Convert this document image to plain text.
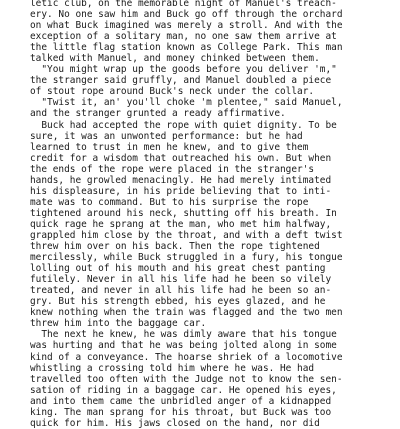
letic club, on the memorable night of Manuel's treach-
ery. No one saw him and Buck go off through the orchard
on what Buck imagined was merely a stroll. And with the
exception of a solitary man, no one saw them arrive at
the little flag station known as College Park. This man
talked with Manuel, and money chinked between them.
"You might wrap up the goods before you deliver 'm,"
the stranger said gruffly, and Manuel doubled a piece
of stout rope around Buck's neck under the collar.
"Twist it, an' you'll choke 'm plentee," said Manuel,
and the stranger grunted a ready affirmative.
Buck had accepted the rope with quiet dignity. To be
sure, it was an unwonted performance: but he had
learned to trust in men he knew, and to give them
credit for a wisdom that outreached his own. But when
the ends of the rope were placed in the stranger's
hands, he growled menacingly. He had merely intimated
his displeasure, in his pride believing that to inti-
mate was to command. But to his surprise the rope
tightened around his neck, shutting off his breath. In
quick rage he sprang at the man, who met him halfway,
grappled him close by the throat, and with a deft twist
threw him over on his back. Then the rope tightened
mercilessly, while Buck struggled in a fury, his tongue
lolling out of his mouth and his great chest panting
futilely. Never in all his life had he been so vilely
treated, and never in all his life had he been so an-
gry. But his strength ebbed, his eyes glazed, and he
knew nothing when the train was flagged and the two men
threw him into the baggage car.
The next he knew, he was dimly aware that his tongue
was hurting and that he was being jolted along in some
kind of a conveyance. The hoarse shriek of a locomotive
whistling a crossing told him where he was. He had
travelled too often with the Judge not to know the sen-
sation of riding in a baggage car. He opened his eyes,
and into them came the unbridled anger of a kidnapped
king. The man sprang for his throat, but Buck was too
quick for him. His jaws closed on the hand, nor did
